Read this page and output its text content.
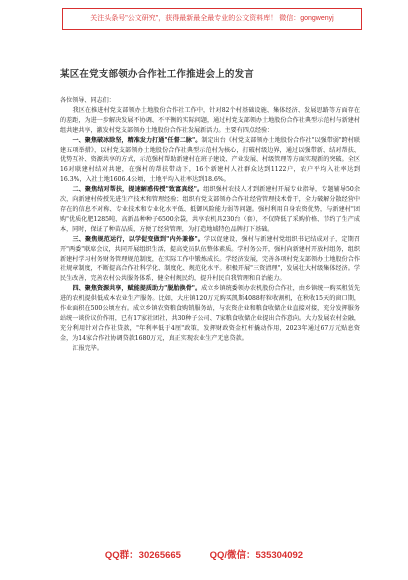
关注头条号"公文研究"，获得最新最全最专业的公文资料库！ 微信：gongwenyj
某区在党支部领办合作社工作推进会上的发言

各位领导、同志们：

我区在推进村党支部领办土地股份合作社工作中，针对82个村基础设施、集体经济、发展思路等方面存在的差距，为进一步解决发展不协调、不平衡的实际问题，通过村党支部领办土地股份合作社典型示范村与新建村组共建共享，激发村党支部领办土地股份合作社发展新活力。主要有四点经验：

一、聚焦破冰除坚，精准发力打通"任督二脉"。制定出台《村党支部领办土地股份合作社"以强带弱"跨村联建五项举措》，以村党支部领办土地股份合作社典型示范村为核心，打破村级边界，通过以强带新、结对帮扶、优势互补、资源共享的方式，示范强村帮助新建村在班子建设、产业发展、村级管理等方面实现新的突破。全区16对联建村结对共建，在强村的帮扶带动下，16个新建村人社群众达到1122户，农户平均入社率达到16.3%，入社土地1606.4公顷，土地平均入社率达到18.6%。

二、聚焦结对帮扶，提速解惑传授"致富真经"。组织强村农技人才到新建村开展专业指导，专题辅导50余次，向新建村传授先进生产技术和管理经验；组织有党支部领办合作社经营管理技术骨干，全力破解分散经营中存在的信息不对称、专业技术和专业化水平低、抵御风险能力弱等问题。强村利用自身农资优势，与新建村"团购"优质化肥1285吨、高新品种种子6500余袋，共享农机具230台（套），不仅降低了采购价格、节约了生产成本，同时，保证了种苗品质，方便了经营管理，为打造地域特色品牌打下基础。

三、聚焦规范运行，以学促变做到"内外兼修"。学以促建设，强村与新建村党组织书记结成对子，定期召开"两委"联席会议，共同开展组织生活，提高党员队伍整体素质。学村务公开，强村向新建村开放村组务，组织新建村学习村务财务管理规范制度，在实际工作中锻炼成长。学经济发展，完善各项村党支部领办土地股份合作社规章制度，不断提高合作社科学化、制度化、规范化水平。积极开展"三资清理"，发展壮大村级集体经济。学民生改善，完善农村公共服务体系，健全村规民约，提升村民自我管理和自治能力。

四、聚焦资源共享，赋能提质助力"脱胎换骨"。成立乡镇统委领办农机股份合作社，由乡镇统一购买租赁先进的农机提供低成本农业生产服务。比如，大庄镇120万元购买凯斯4088籽粒收割机，在秋收15天的窗口期，作业面积在500公顷左右。成立乡镇农资粮食购销服务站，与农资企业和粮食收储企业直接对接，充分发挥服务站统一谈价议价作用，已有17家社团社，共30种子公司、7家粮食收储企业提出合作意向。大力发展农村金融，充分利用针对合作社贷款，"年利率低于4厘"政策，发挥财政资金杠杆撬动作用，2023年通过67万元贴息资金，为14家合作社协调贷款1680万元，真正实现农业生产无息贷款。

汇报完毕。

QQ群：30265665	QQ/微信：535304092
